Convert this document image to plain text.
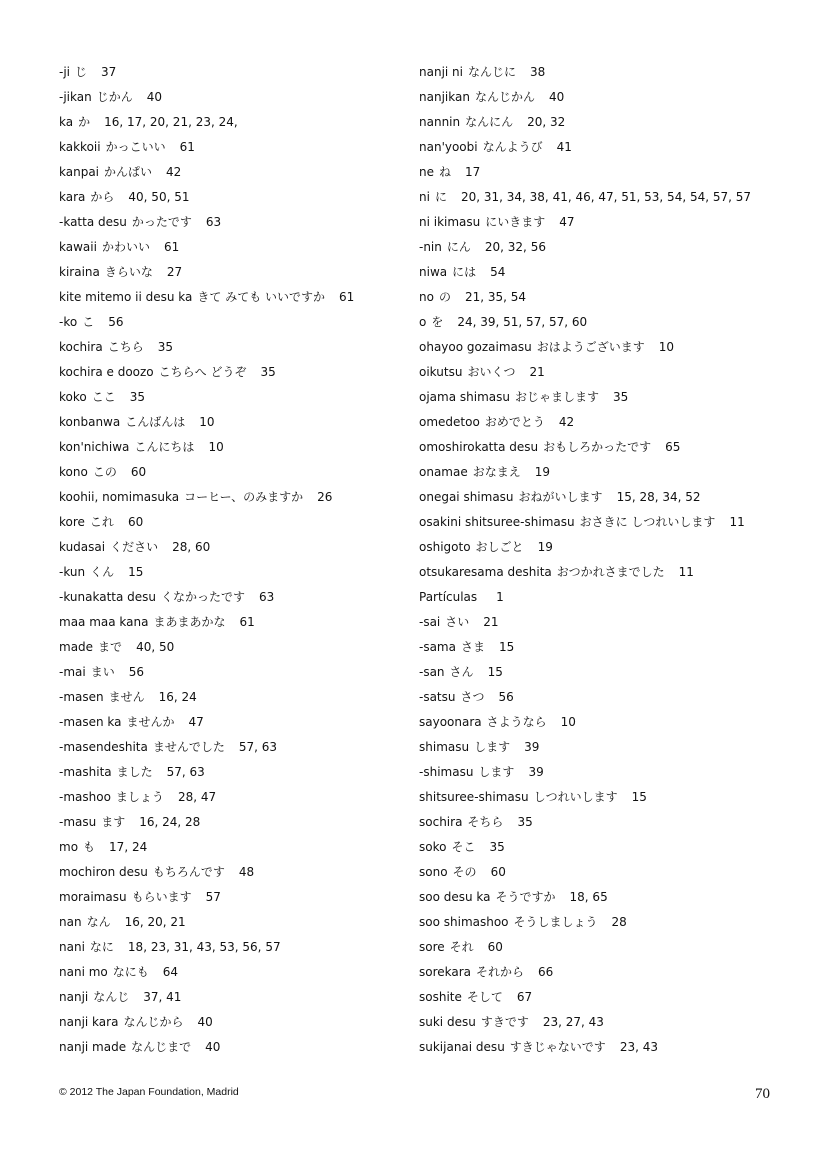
-ji じ 37
-jikan じかん 40
ka か 16, 17, 20, 21, 23, 24,
kakkoii かっこいい 61
kanpai かんぱい 42
kara から 40, 50, 51
-katta desu かったです 63
kawaii かわいい 61
kiraina きらいな 27
kite mitemo ii desu ka きて みても いいですか 61
-ko こ 56
kochira こちら 35
kochira e doozo こちらへ どうぞ 35
koko ここ 35
konbanwa こんばんは 10
kon'nichiwa こんにちは 10
kono この 60
koohii, nomimasuka コーヒー、のみますか 26
kore これ 60
kudasai ください 28, 60
-kun くん 15
-kunakatta desu くなかったです 63
maa maa kana まあまあかな 61
made まで 40, 50
-mai まい 56
-masen ません 16, 24
-masen ka ませんか 47
-masendeshita ませんでした 57, 63
-mashita ました 57, 63
-mashoo ましょう 28, 47
-masu ます 16, 24, 28
mo も 17, 24
mochiron desu もちろんです 48
moraimasu もらいます 57
nan なん 16, 20, 21
nani なに 18, 23, 31, 43, 53, 56, 57
nani mo なにも 64
nanji なんじ 37, 41
nanji kara なんじから 40
nanji made なんじまで 40
nanji ni なんじに 38
nanjikan なんじかん 40
nannin なんにん 20, 32
nan'yoobi なんようび 41
ne ね 17
ni に 20, 31, 34, 38, 41, 46, 47, 51, 53, 54, 54, 57, 57
ni ikimasu にいきます 47
-nin にん 20, 32, 56
niwa には 54
no の 21, 35, 54
o を 24, 39, 51, 57, 57, 60
ohayoo gozaimasu おはようございます 10
oikutsu おいくつ 21
ojama shimasu おじゃまします 35
omedetoo おめでとう 42
omoshirokatta desu おもしろかったです 65
onamae おなまえ 19
onegai shimasu おねがいします 15, 28, 34, 52
osakini shitsuree-shimasu おさきに しつれいします 11
oshigoto おしごと 19
otsukaresama deshita おつかれさまでした 11
Partículas 1
-sai さい 21
-sama さま 15
-san さん 15
-satsu さつ 56
sayoonara さようなら 10
shimasu します 39
-shimasu します 39
shitsuree-shimasu しつれいします 15
sochira そちら 35
soko そこ 35
sono その 60
soo desu ka そうですか 18, 65
soo shimashoo そうしましょう 28
sore それ 60
sorekara それから 66
soshite そして 67
suki desu すきです 23, 27, 43
sukijanai desu すきじゃないです 23, 43
© 2012 The Japan Foundation, Madrid	70
